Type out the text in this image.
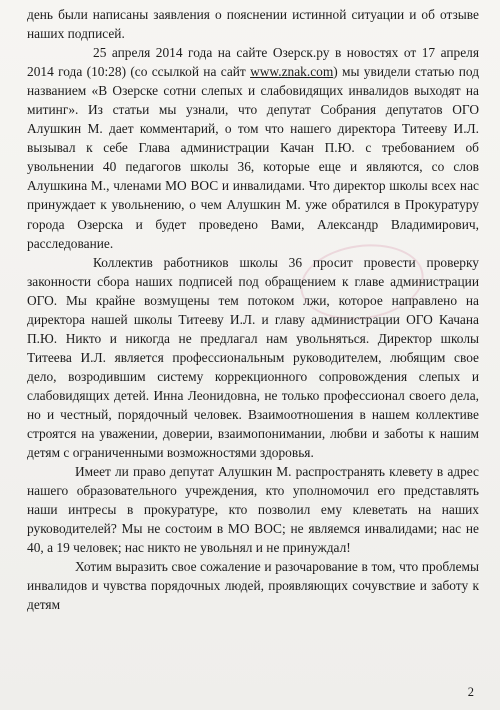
день были написаны заявления о пояснении истинной ситуации и об отзыве наших подписей.

25 апреля 2014 года на сайте Озерск.ру в новостях от 17 апреля 2014 года (10:28) (со ссылкой на сайт www.znak.com) мы увидели статью под названием «В Озерске сотни слепых и слабовидящих инвалидов выходят на митинг». Из статьи мы узнали, что депутат Собрания депутатов ОГО Алушкин М. дает комментарий, о том что нашего директора Титееву И.Л. вызывал к себе Глава администрации Качан П.Ю. с требованием об увольнении 40 педагогов школы 36, которые еще и являются, со слов Алушкина М., членами МО ВОС и инвалидами. Что директор школы всех нас принуждает к увольнению, о чем Алушкин М. уже обратился в Прокуратуру города Озерска и будет проведено Вами, Александр Владимирович, расследование.

Коллектив работников школы 36 просит провести проверку законности сбора наших подписей под обращением к главе администрации ОГО. Мы крайне возмущены тем потоком лжи, которое направлено на директора нашей школы Титееву И.Л. и главу администрации ОГО Качана П.Ю. Никто и никогда не предлагал нам увольняться. Директор школы Титеева И.Л. является профессиональным руководителем, любящим свое дело, возродившим систему коррекционного сопровождения слепых и слабовидящих детей. Инна Леонидовна, не только профессионал своего дела, но и честный, порядочный человек. Взаимоотношения в нашем коллективе строятся на уважении, доверии, взаимопонимании, любви и заботы к нашим детям с ограниченными возможностями здоровья.

Имеет ли право депутат Алушкин М. распространять клевету в адрес нашего образовательного учреждения, кто уполномочил его представлять наши интресы в прокуратуре, кто позволил ему клеветать на наших руководителей? Мы не состоим в МО ВОС; не являемся инвалидами; нас не 40, а 19 человек; нас никто не увольнял и не принуждал!

Хотим выразить свое сожаление и разочарование в том, что проблемы инвалидов и чувства порядочных людей, проявляющих сочувствие и заботу к детям

2
